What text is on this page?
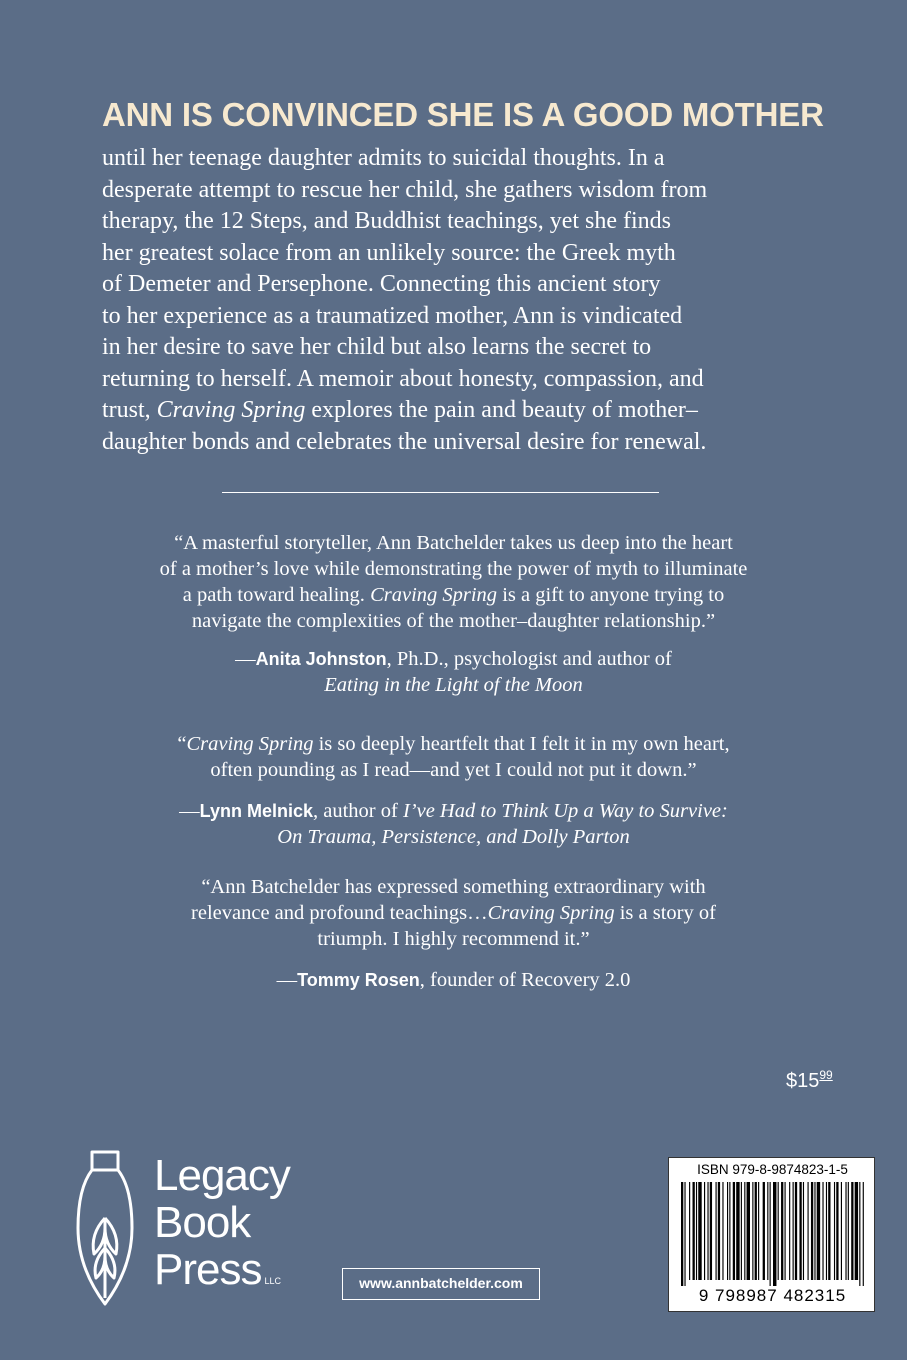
ANN IS CONVINCED SHE IS A GOOD MOTHER

until her teenage daughter admits to suicidal thoughts. In a
desperate attempt to rescue her child, she gathers wisdom from
therapy, the 12 Steps, and Buddhist teachings, yet she finds
her greatest solace from an unlikely source: the Greek myth
of Demeter and Persephone. Connecting this ancient story
to her experience as a traumatized mother, Ann is vindicated
in her desire to save her child but also learns the secret to
returning to herself. A memoir about honesty, compassion, and
trust, Craving Spring explores the pain and beauty of mother–
daughter bonds and celebrates the universal desire for renewal.

“A masterful storyteller, Ann Batchelder takes us deep into the heart
of a mother’s love while demonstrating the power of myth to illuminate
a path toward healing. Craving Spring is a gift to anyone trying to
navigate the complexities of the mother–daughter relationship.”

—Anita Johnston, Ph.D., psychologist and author of
Eating in the Light of the Moon

“Craving Spring is so deeply heartfelt that I felt it in my own heart,
often pounding as I read—and yet I could not put it down.”

—Lynn Melnick, author of I’ve Had to Think Up a Way to Survive:
On Trauma, Persistence, and Dolly Parton

“Ann Batchelder has expressed something extraordinary with
relevance and profound teachings…Craving Spring is a story of
triumph. I highly recommend it.”

—Tommy Rosen, founder of Recovery 2.0
$\$15^{99}$
Legacy
Book
Press LLC	www.annbatchelder.com
ISBN 979-8-9874823-1-5
9 798987 482315
